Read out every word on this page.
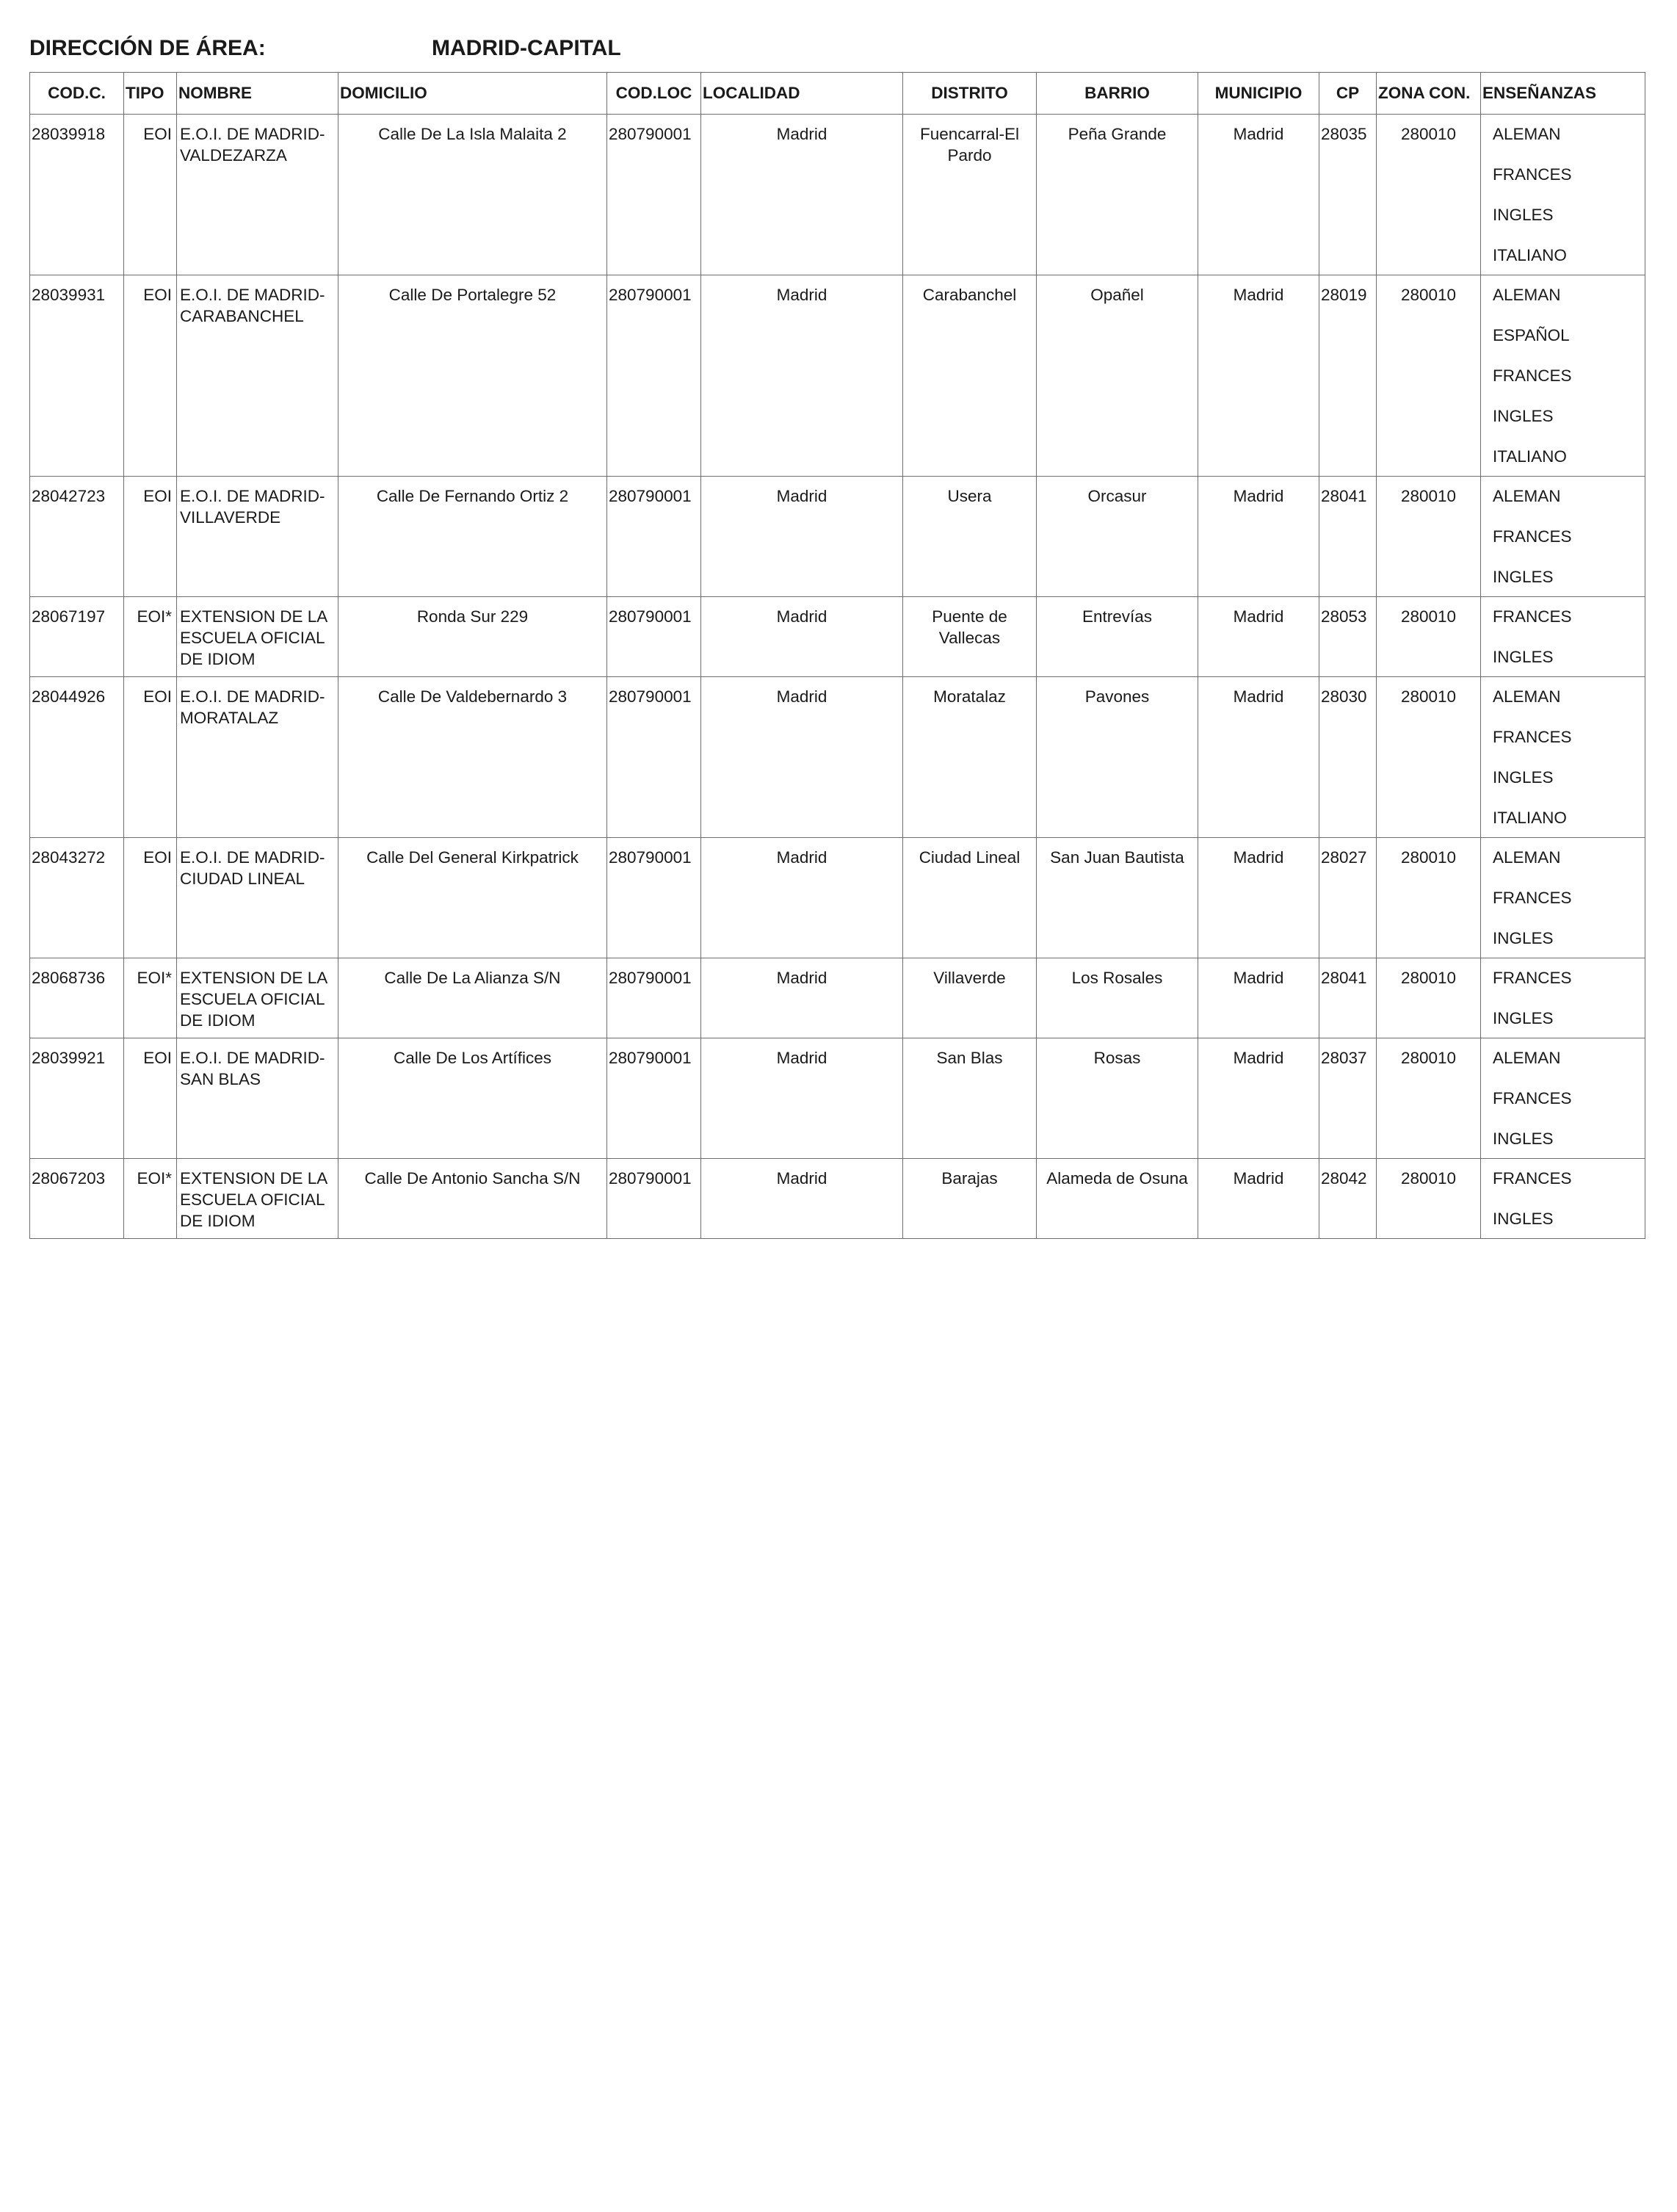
DIRECCIÓN DE ÁREA:	MADRID-CAPITAL
COD.C.	TIPO	NOMBRE	DOMICILIO	COD.LOC	LOCALIDAD	DISTRITO	BARRIO	MUNICIPIO	CP	ZONA CON.	ENSEÑANZAS
28039918	EOI	E.O.I. DE MADRID-VALDEZARZA	Calle De La Isla Malaita 2	280790001	Madrid	Fuencarral-El Pardo	Peña Grande	Madrid	28035	280010	ALEMAN
FRANCES
INGLES
ITALIANO

28039931	EOI	E.O.I. DE MADRID-CARABANCHEL	Calle De Portalegre 52	280790001	Madrid	Carabanchel	Opañel	Madrid	28019	280010	ALEMAN
ESPAÑOL
FRANCES
INGLES
ITALIANO

28042723	EOI	E.O.I. DE MADRID-VILLAVERDE	Calle De Fernando Ortiz 2	280790001	Madrid	Usera	Orcasur	Madrid	28041	280010	ALEMAN
FRANCES
INGLES

28067197	EOI*	EXTENSION DE LA ESCUELA OFICIAL DE IDIOM	Ronda Sur 229	280790001	Madrid	Puente de Vallecas	Entrevías	Madrid	28053	280010	FRANCES
INGLES

28044926	EOI	E.O.I. DE MADRID-MORATALAZ	Calle De Valdebernardo 3	280790001	Madrid	Moratalaz	Pavones	Madrid	28030	280010	ALEMAN
FRANCES
INGLES
ITALIANO

28043272	EOI	E.O.I. DE MADRID-CIUDAD LINEAL	Calle Del General Kirkpatrick	280790001	Madrid	Ciudad Lineal	San Juan Bautista	Madrid	28027	280010	ALEMAN
FRANCES
INGLES

28068736	EOI*	EXTENSION DE LA ESCUELA OFICIAL DE IDIOM	Calle De La Alianza S/N	280790001	Madrid	Villaverde	Los Rosales	Madrid	28041	280010	FRANCES
INGLES

28039921	EOI	E.O.I. DE MADRID-SAN BLAS	Calle De Los Artífices	280790001	Madrid	San Blas	Rosas	Madrid	28037	280010	ALEMAN
FRANCES
INGLES

28067203	EOI*	EXTENSION DE LA ESCUELA OFICIAL DE IDIOM	Calle De Antonio Sancha S/N	280790001	Madrid	Barajas	Alameda de Osuna	Madrid	28042	280010	FRANCES
INGLES
